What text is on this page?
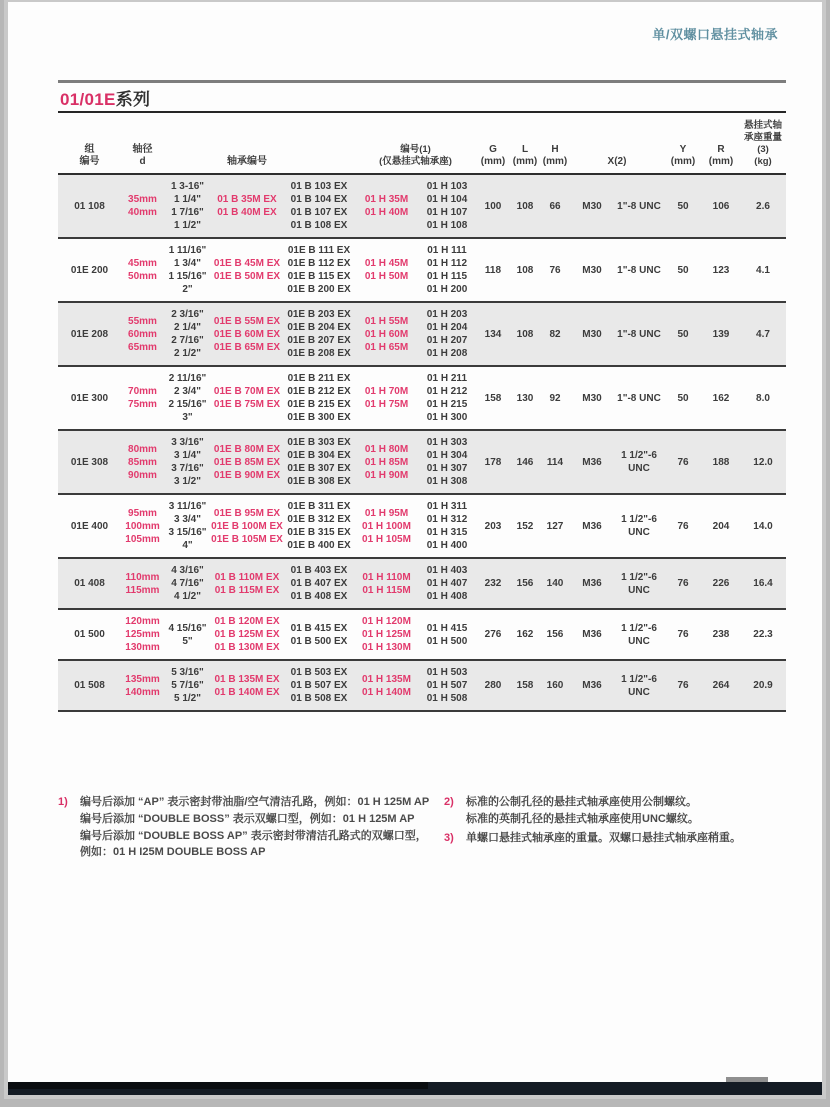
单/双螺口悬挂式轴承
01/01E系列
组
编号
轴径
d	轴承编号
编号(1)
(仅悬挂式轴承座)
G
(mm)
L
(mm)
H
(mm)	X(2)
Y
(mm)
R
(mm)
悬挂式轴
承座重量(3)
(kg)
01 108
35mm
40mm
1 3-16"
1 1/4"
1 7/16"
1 1/2"
01 B 35M EX
01 B 40M EX
01 B 103 EX
01 B 104 EX
01 B 107 EX
01 B 108 EX
01 H 35M
01 H 40M
01 H 103
01 H 104
01 H 107
01 H 108
100 108 66 M30 1"-8 UNC 50 106	2.6
01E 200
45mm
50mm
1 11/16"
1 3/4"
1 15/16"
2"
01E B 45M EX
01E B 50M EX
01E B 111 EX
01E B 112 EX
01E B 115 EX
01E B 200 EX
01 H 45M
01 H 50M
01 H 111
01 H 112
01 H 115
01 H 200
118 108 76 M30 1"-8 UNC 50 123	4.1
01E 208
55mm
60mm
65mm
2 3/16"
2 1/4"
2 7/16"
2 1/2"
01E B 55M EX
01E B 60M EX
01E B 65M EX
01E B 203 EX
01E B 204 EX
01E B 207 EX
01E B 208 EX
01 H 55M
01 H 60M
01 H 65M
01 H 203
01 H 204
01 H 207
01 H 208
134 108 82 M30 1"-8 UNC 50 139	4.7
01E 300
70mm
75mm
2 11/16"
2 3/4"
2 15/16"
3"
01E B 70M EX
01E B 75M EX
01E B 211 EX
01E B 212 EX
01E B 215 EX
01E B 300 EX
01 H 70M
01 H 75M
01 H 211
01 H 212
01 H 215
01 H 300
158 130 92 M30 1"-8 UNC 50 162	8.0
01E 308
80mm
85mm
90mm
3 3/16"
3 1/4"
3 7/16"
3 1/2"
01E B 80M EX
01E B 85M EX
01E B 90M EX
01E B 303 EX
01E B 304 EX
01E B 307 EX
01E B 308 EX
01 H 80M
01 H 85M
01 H 90M
01 H 303
01 H 304
01 H 307
01 H 308
178 146 114 M36
1 1/2"-6 UNC
76 188 12.0
01E 400
95mm
100mm
105mm
3 11/16"
3 3/4"
3 15/16"
4"
01E B 95M EX
01E B 100M EX
01E B 105M EX
01E B 311 EX
01E B 312 EX
01E B 315 EX
01E B 400 EX
01 H 95M
01 H 100M
01 H 105M
01 H 311
01 H 312
01 H 315
01 H 400
203 152 127 M36
1 1/2"-6 UNC
76 204 14.0
01 408
110mm
115mm
4 3/16"
4 7/16"
4 1/2"
01 B 110M EX
01 B 115M EX
01 B 403 EX
01 B 407 EX
01 B 408 EX
01 H 110M
01 H 115M
01 H 403
01 H 407
01 H 408
232 156 140 M36
1 1/2"-6 UNC
76 226 16.4
01 500
120mm
125mm
130mm
4 15/16"
5"
01 B 120M EX
01 B 125M EX
01 B 130M EX
01 B 415 EX
01 B 500 EX
01 H 120M
01 H 125M
01 H 130M
01 H 415
01 H 500
276 162 156 M36
1 1/2"-6 UNC
76 238 22.3
01 508
135mm
140mm
5 3/16"
5 7/16"
5 1/2"
01 B 135M EX
01 B 140M EX
01 B 503 EX
01 B 507 EX
01 B 508 EX
01 H 135M
01 H 140M
01 H 503
01 H 507
01 H 508
280 158 160 M36
1 1/2"-6 UNC
76 264 20.9
1)	编号后添加 “AP” 表示密封带油脂/空气清洁孔路，例如：01 H 125M AP
编号后添加 “DOUBLE BOSS” 表示双螺口型，例如：01 H 125M AP
编号后添加 “DOUBLE BOSS AP” 表示密封带清洁孔路式的双螺口型，例如：01 H I25M DOUBLE BOSS AP
2)	标准的公制孔径的悬挂式轴承座使用公制螺纹。
标准的英制孔径的悬挂式轴承座使用UNC螺纹。
3)	单螺口悬挂式轴承座的重量。双螺口悬挂式轴承座稍重。
